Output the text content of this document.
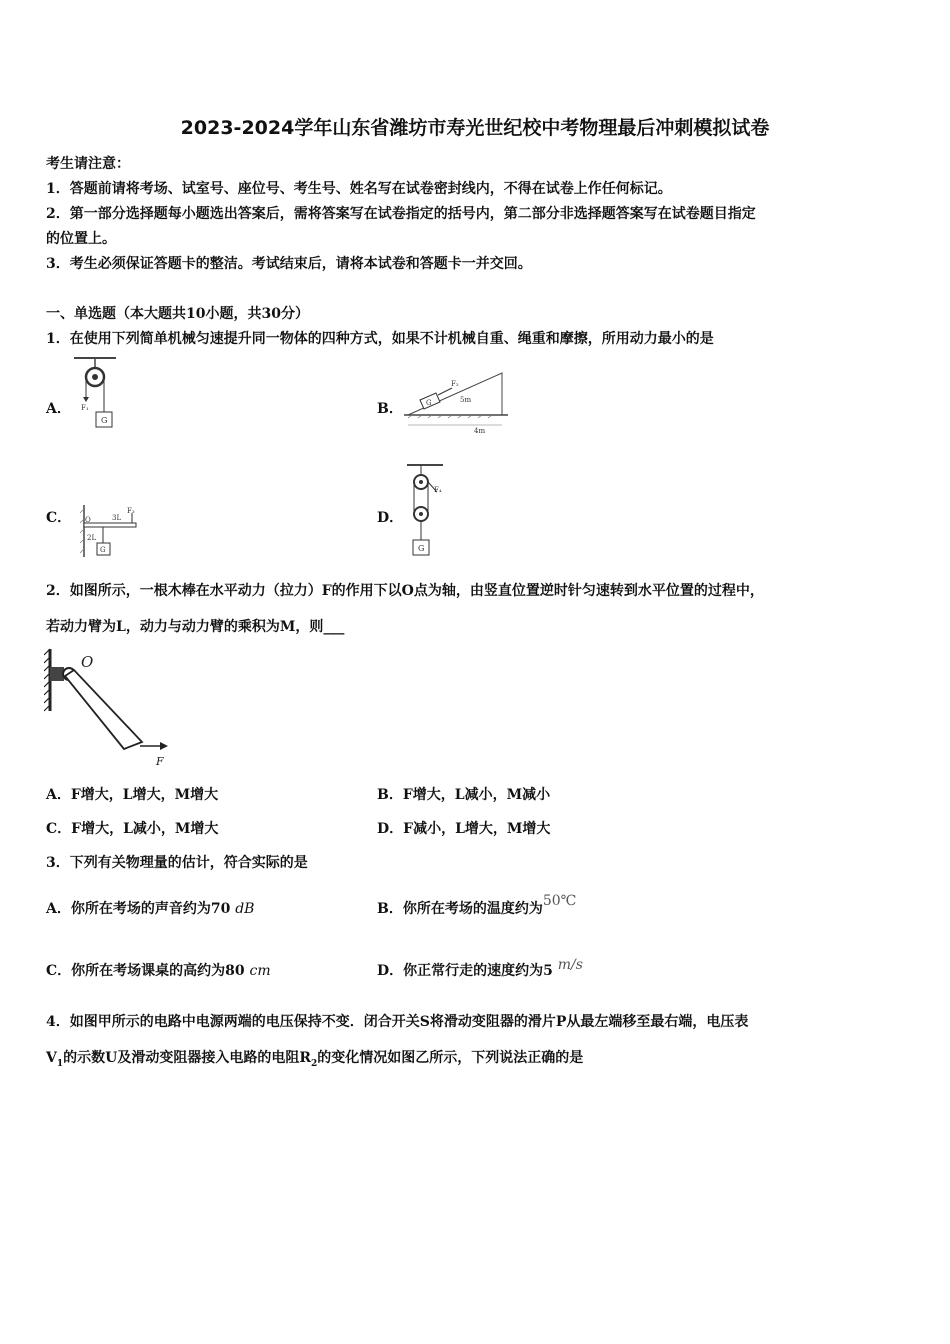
2023-2024学年山东省潍坊市寿光世纪校中考物理最后冲刺模拟试卷
考生请注意：
1．答题前请将考场、试室号、座位号、考生号、姓名写在试卷密封线内，不得在试卷上作任何标记。
2．第一部分选择题每小题选出答案后，需将答案写在试卷指定的括号内，第二部分非选择题答案写在试卷题目指定
的位置上。
3．考生必须保证答题卡的整洁。考试结束后，请将本试卷和答题卡一并交回。
一、单选题（本大题共10小题，共30分）
1．在使用下列简单机械匀速提升同一物体的四种方式，如果不计机械自重、绳重和摩擦，所用动力最小的是
A． F₁
G
B．	G
F₂
5m
4m
C． O	3L
F₃
2L
G
D．
F₄
G
2．如图所示，一根木棒在水平动力（拉力）F的作用下以O点为轴，由竖直位置逆时针匀速转到水平位置的过程中，
若动力臂为L，动力与动力臂的乘积为M，则___
O
F
A．F增大，L增大，M增大	B．F增大，L减小，M减小
C．F增大，L减小，M增大	D．F减小，L增大，M增大
3．下列有关物理量的估计，符合实际的是
A．你所在考场的声音约为70 dB	B．你所在考场的温度约为50℃
C．你所在考场课桌的高约为80 cm	D．你正常行走的速度约为5 m/s
4．如图甲所示的电路中电源两端的电压保持不变．闭合开关S将滑动变阻器的滑片P从最左端移至最右端，电压表
$V_1$的示数U及滑动变阻器接入电路的电阻$R_2$的变化情况如图乙所示，下列说法正确的是
